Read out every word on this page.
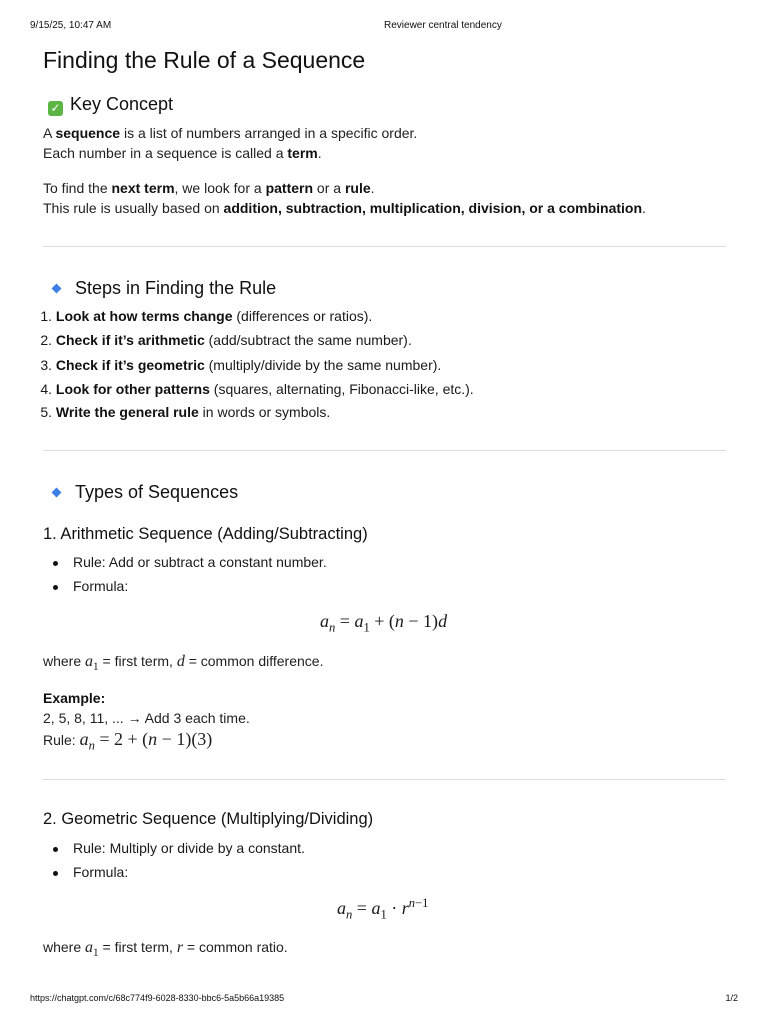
9/15/25, 10:47 AM	Reviewer central tendency
Finding the Rule of a Sequence
✓ Key Concept
A sequence is a list of numbers arranged in a specific order.
Each number in a sequence is called a term.
To find the next term, we look for a pattern or a rule.
This rule is usually based on addition, subtraction, multiplication, division, or a combination.
Steps in Finding the Rule
1. Look at how terms change (differences or ratios).
2. Check if it’s arithmetic (add/subtract the same number).
3. Check if it’s geometric (multiply/divide by the same number).
4. Look for other patterns (squares, alternating, Fibonacci-like, etc.).
5. Write the general rule in words or symbols.
Types of Sequences
1. Arithmetic Sequence (Adding/Subtracting)
Rule: Add or subtract a constant number.
Formula:
$a_n = a_1 + (n - 1)d$
where $a_1$ = first term, d = common difference.
Example:
2, 5, 8, 11, ... → Add 3 each time.
Rule: $a_n = 2 + (n - 1)(3)$
2. Geometric Sequence (Multiplying/Dividing)
Rule: Multiply or divide by a constant.
Formula:
$a_n = a_1 \cdot r^{n-1}$
where $a_1$ = first term, r = common ratio.
https://chatgpt.com/c/68c774f9-6028-8330-bbc6-5a5b66a19385	1/2
